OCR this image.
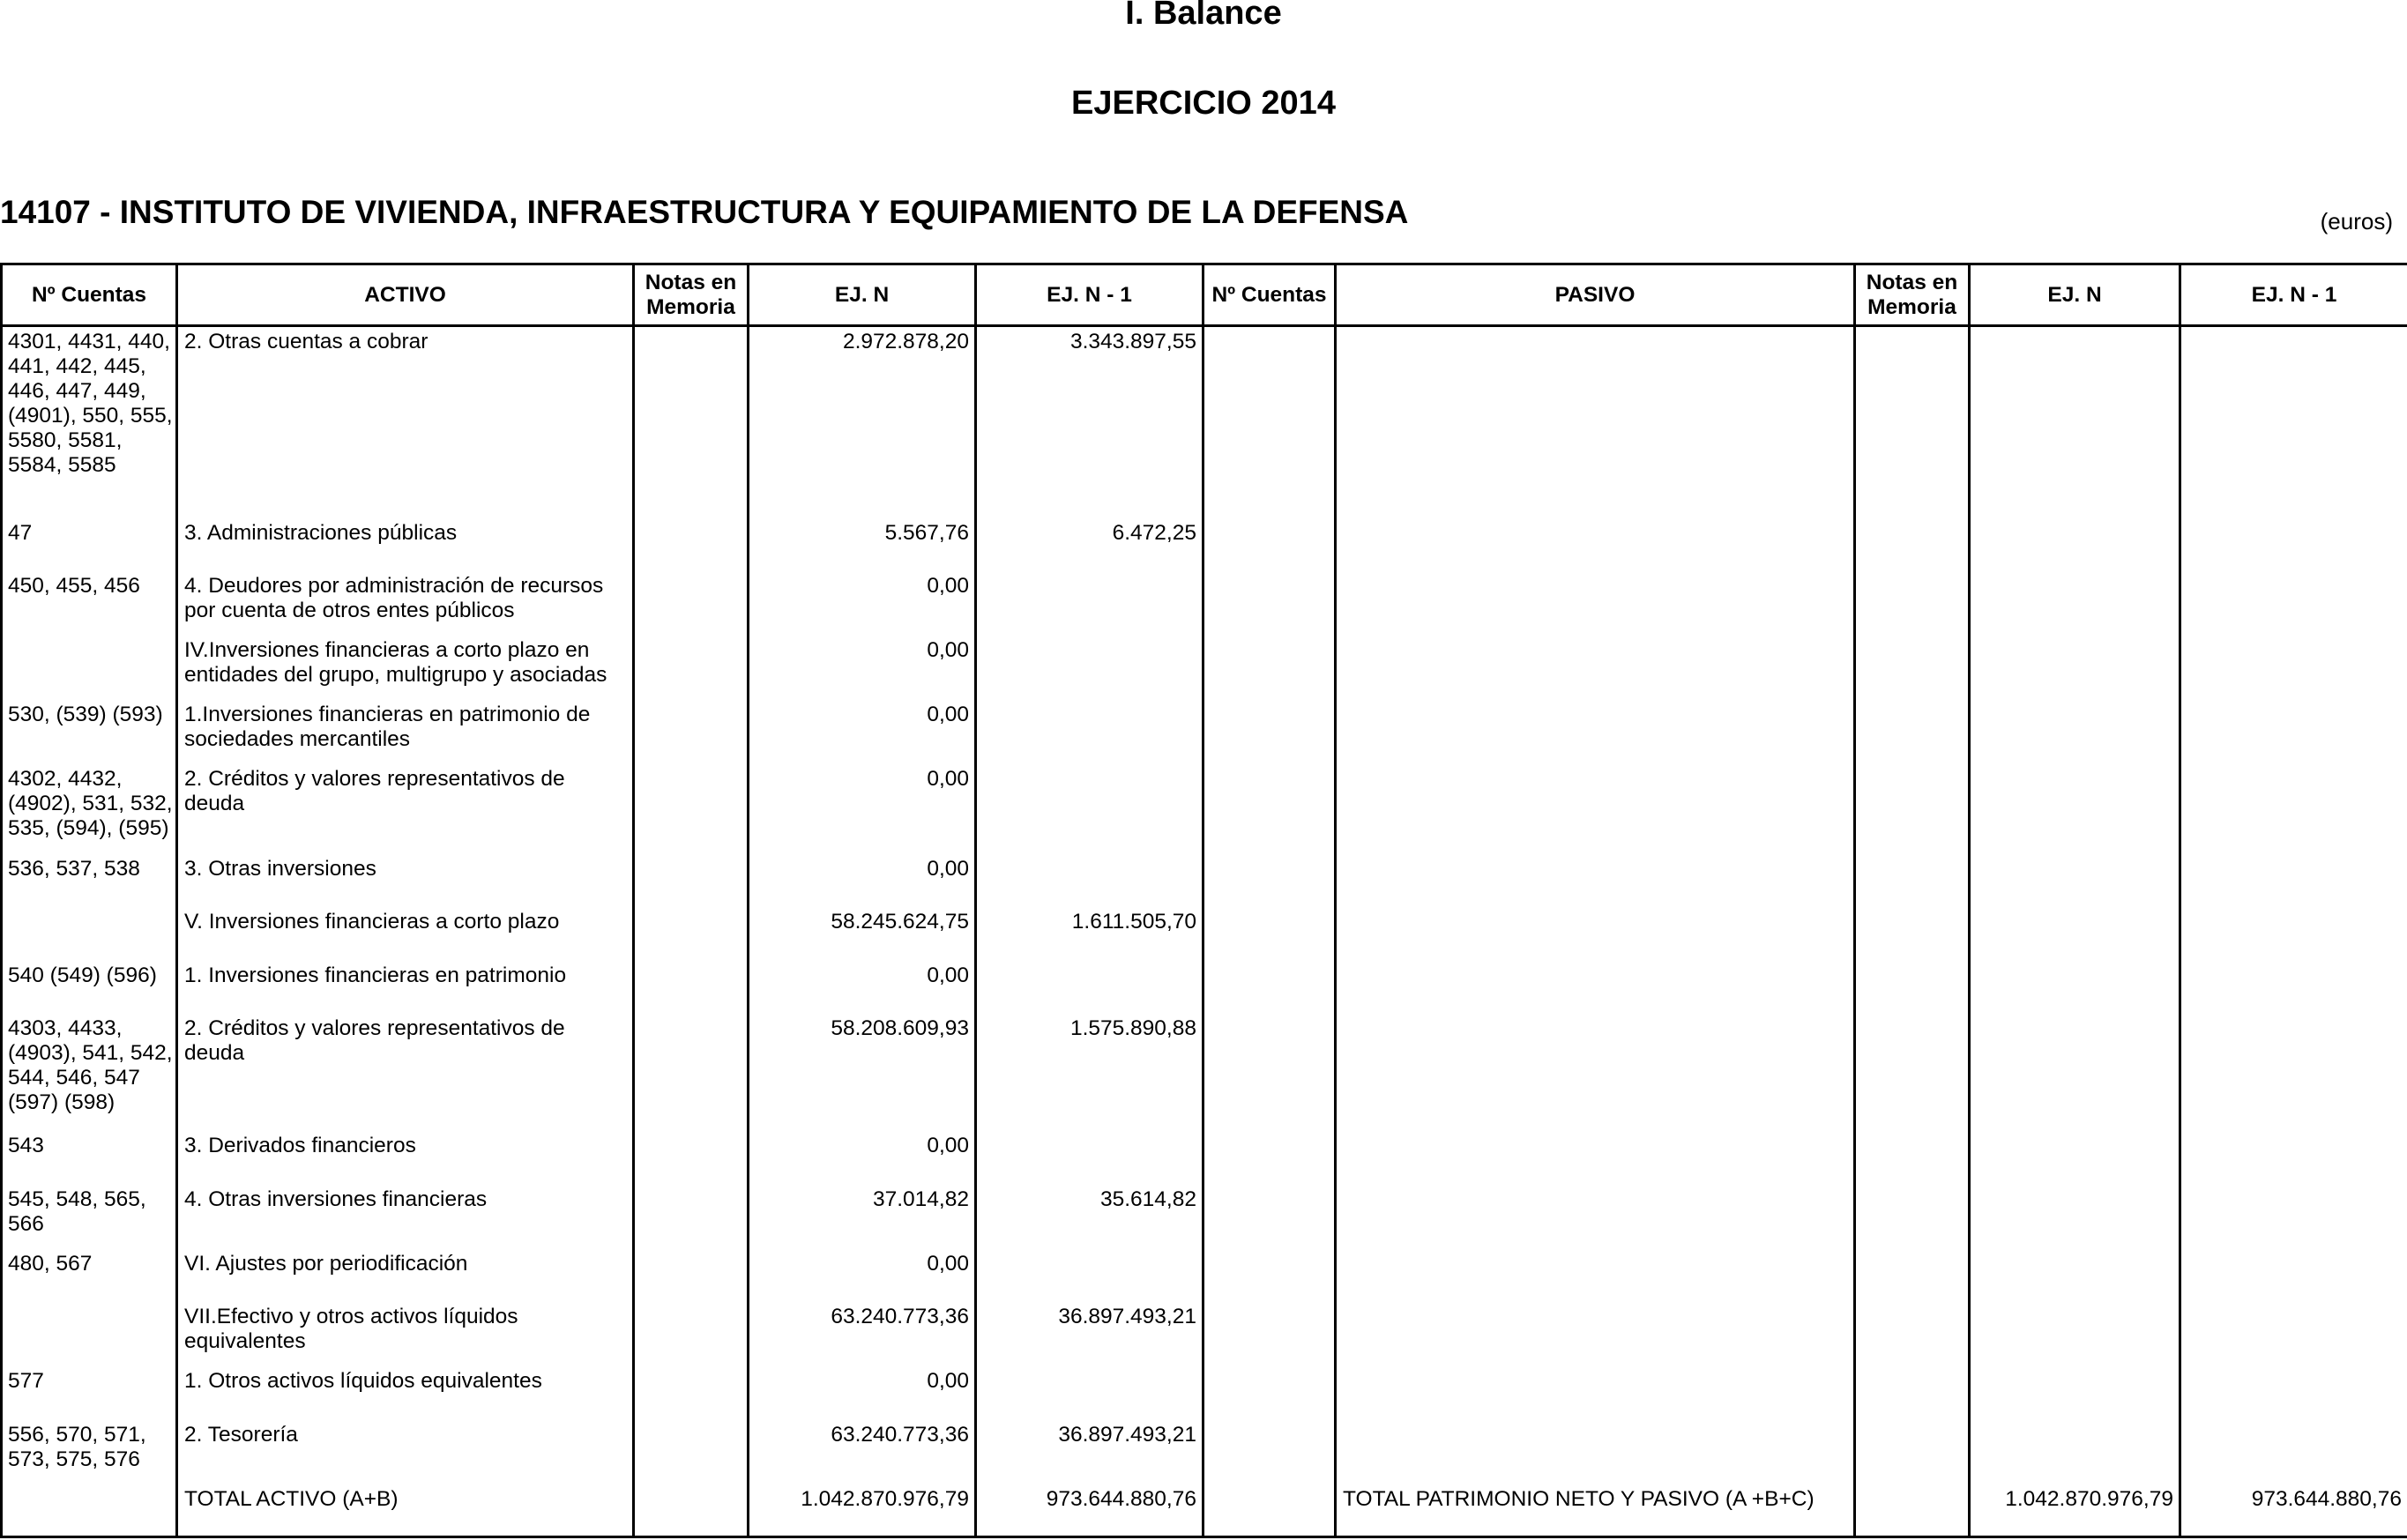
I. Balance
EJERCICIO 2014
14107 - INSTITUTO DE VIVIENDA, INFRAESTRUCTURA Y EQUIPAMIENTO DE LA DEFENSA	(euros)
Nº Cuentas	ACTIVO	Notas en Memoria	EJ. N	EJ. N - 1	Nº Cuentas	PASIVO	Notas en Memoria	EJ. N	EJ. N - 1
4301, 4431, 440, 441, 442, 445, 446, 447, 449, (4901), 550, 555, 5580, 5581, 5584, 5585	2. Otras cuentas a cobrar		2.972.878,20	3.343.897,55					
47	3. Administraciones públicas		5.567,76	6.472,25					
450, 455, 456	4. Deudores por administración de recursos por cuenta de otros entes públicos		0,00						
	IV.Inversiones financieras a corto plazo en entidades del grupo, multigrupo y asociadas		0,00						
530, (539) (593)	1.Inversiones financieras en patrimonio de sociedades mercantiles		0,00						
4302, 4432, (4902), 531, 532, 535, (594), (595)	2. Créditos y valores representativos de deuda		0,00						
536, 537, 538	3. Otras inversiones		0,00						
	V. Inversiones financieras a corto plazo		58.245.624,75	1.611.505,70					
540 (549) (596)	1. Inversiones financieras en patrimonio		0,00						
4303, 4433, (4903), 541, 542, 544, 546, 547 (597) (598)	2. Créditos y valores representativos de deuda		58.208.609,93	1.575.890,88					
543	3. Derivados financieros		0,00						
545, 548, 565, 566	4. Otras inversiones financieras		37.014,82	35.614,82					
480, 567	VI. Ajustes por periodificación		0,00						
	VII.Efectivo y otros activos líquidos equivalentes		63.240.773,36	36.897.493,21					
577	1. Otros activos líquidos equivalentes		0,00						
556, 570, 571, 573, 575, 576	2. Tesorería		63.240.773,36	36.897.493,21					
	TOTAL ACTIVO (A+B)		1.042.870.976,79	973.644.880,76		TOTAL PATRIMONIO NETO Y PASIVO (A +B+C)		1.042.870.976,79	973.644.880,76
